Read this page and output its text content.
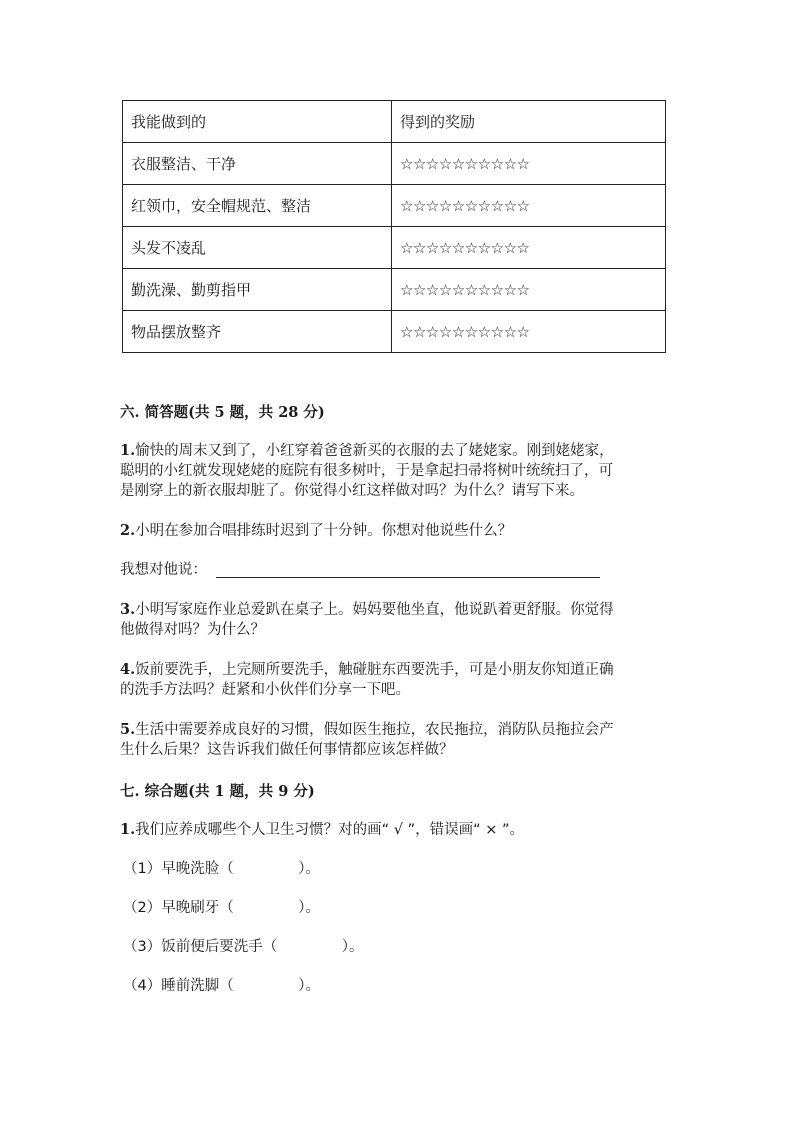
我能做到的	得到的奖励
衣服整洁、干净	☆☆☆☆☆☆☆☆☆☆
红领巾，安全帽规范、整洁	☆☆☆☆☆☆☆☆☆☆
头发不凌乱	☆☆☆☆☆☆☆☆☆☆
勤洗澡、勤剪指甲	☆☆☆☆☆☆☆☆☆☆
物品摆放整齐	☆☆☆☆☆☆☆☆☆☆
六. 简答题(共 5 题，共 28 分)
1.愉快的周末又到了，小红穿着爸爸新买的衣服的去了姥姥家。刚到姥姥家，
聪明的小红就发现姥姥的庭院有很多树叶，于是拿起扫帚将树叶统统扫了，可
是刚穿上的新衣服却脏了。你觉得小红这样做对吗？为什么？请写下来。
2.小明在参加合唱排练时迟到了十分钟。你想对他说些什么？
我想对他说：
3.小明写家庭作业总爱趴在桌子上。妈妈要他坐直，他说趴着更舒服。你觉得
他做得对吗？为什么？
4.饭前要洗手，上完厕所要洗手，触碰脏东西要洗手，可是小朋友你知道正确
的洗手方法吗？赶紧和小伙伴们分享一下吧。
5.生活中需要养成良好的习惯，假如医生拖拉，农民拖拉，消防队员拖拉会产
生什么后果？这告诉我们做任何事情都应该怎样做？
七. 综合题(共 1 题，共 9 分)
1.我们应养成哪些个人卫生习惯？对的画“ √ ”，错误画“ × ”。
（1）早晚洗脸（              ）。
（2）早晚刷牙（              ）。
（3）饭前便后要洗手（              ）。
（4）睡前洗脚（              ）。
